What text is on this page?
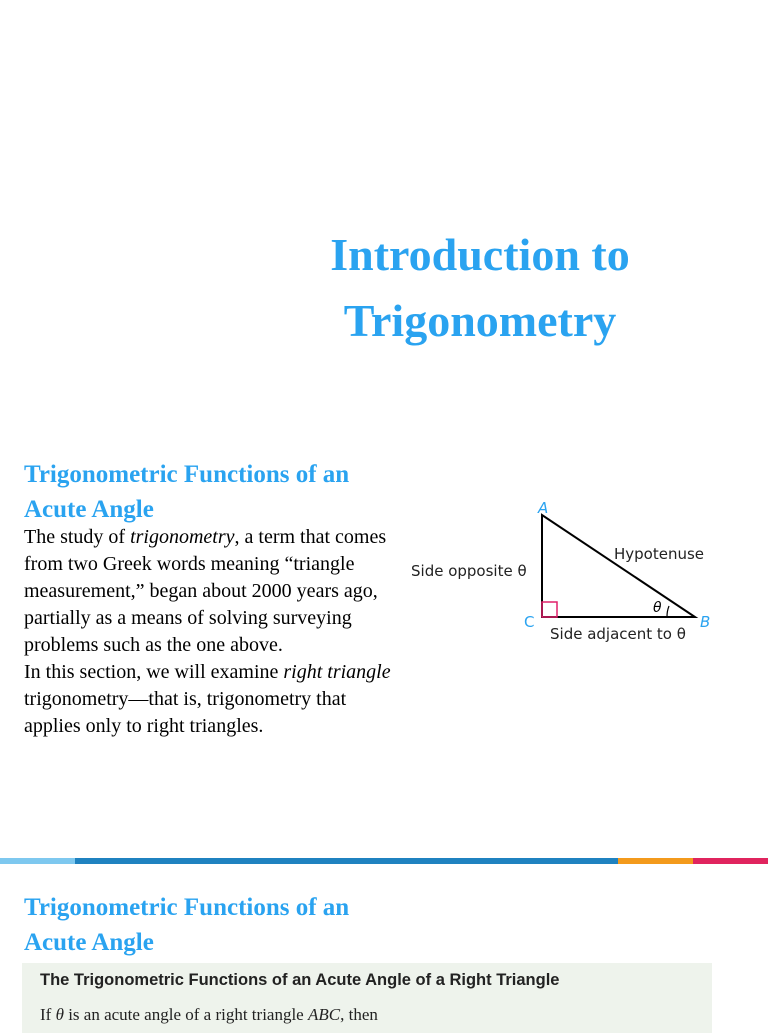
Introduction to
Trigonometry
Trigonometric Functions of an
Acute Angle

The study of trigonometry, a term that comes from two Greek words meaning “triangle measurement,” began about 2000 years ago, partially as a means of solving surveying problems such as the one above.

In this section, we will examine right triangle trigonometry—that is, trigonometry that applies only to right triangles.

A
B
C
Hypotenuse
Side opposite θ
Side adjacent to θ
θ
Trigonometric Functions of an
Acute Angle
The Trigonometric Functions of an Acute Angle of a Right Triangle
If θ is an acute angle of a right triangle ABC, then
